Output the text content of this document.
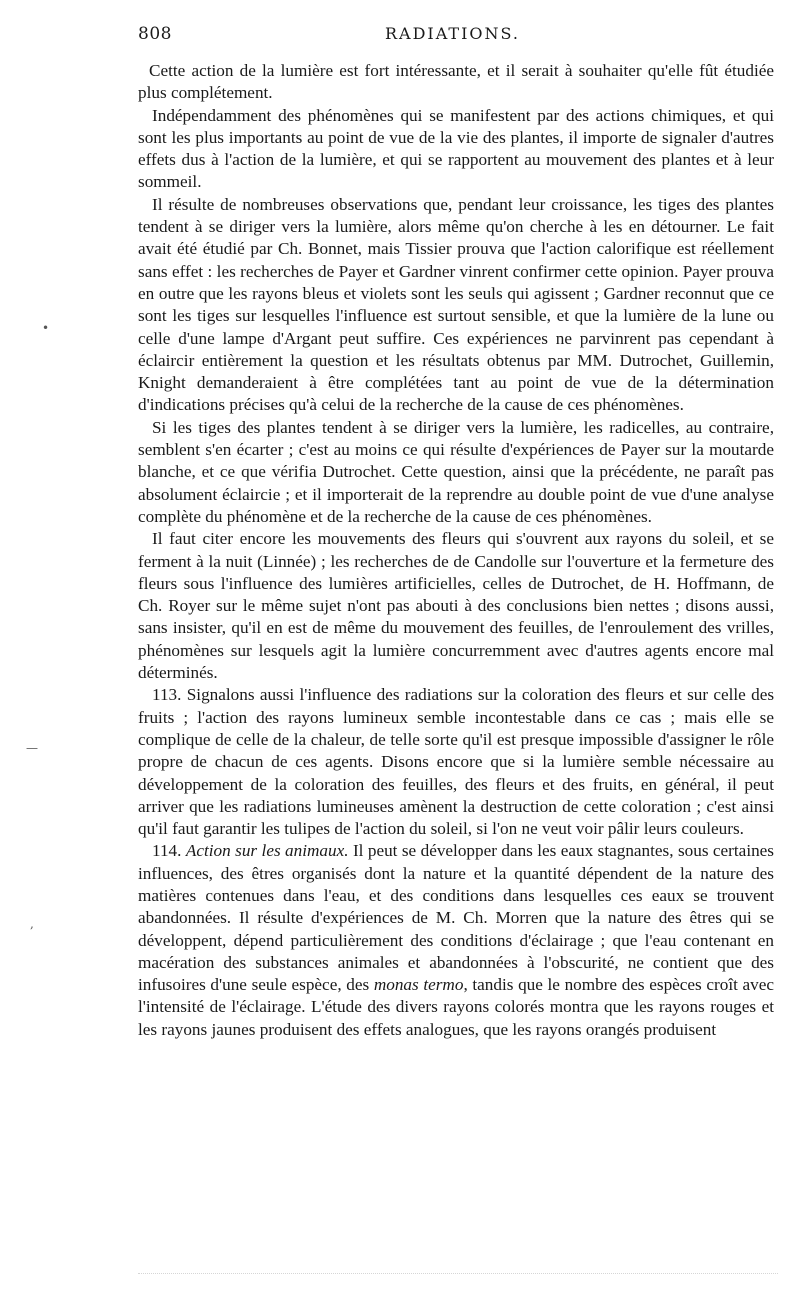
808	RADIATIONS.

Cette action de la lumière est fort intéressante, et il serait à souhaiter qu'elle fût étudiée plus complétement.

Indépendamment des phénomènes qui se manifestent par des actions chimiques, et qui sont les plus importants au point de vue de la vie des plantes, il importe de signaler d'autres effets dus à l'action de la lumière, et qui se rapportent au mouvement des plantes et à leur sommeil.

Il résulte de nombreuses observations que, pendant leur croissance, les tiges des plantes tendent à se diriger vers la lumière, alors même qu'on cherche à les en détourner. Le fait avait été étudié par Ch. Bonnet, mais Tissier prouva que l'action calorifique est réellement sans effet : les recherches de Payer et Gardner vinrent confirmer cette opinion. Payer prouva en outre que les rayons bleus et violets sont les seuls qui agissent ; Gardner reconnut que ce sont les tiges sur lesquelles l'influence est surtout sensible, et que la lumière de la lune ou celle d'une lampe d'Argant peut suffire. Ces expériences ne parvinrent pas cependant à éclaircir entièrement la question et les résultats obtenus par MM. Dutrochet, Guillemin, Knight demanderaient à être complétées tant au point de vue de la détermination d'indications précises qu'à celui de la recherche de la cause de ces phénomènes.

Si les tiges des plantes tendent à se diriger vers la lumière, les radicelles, au contraire, semblent s'en écarter ; c'est au moins ce qui résulte d'expériences de Payer sur la moutarde blanche, et ce que vérifia Dutrochet. Cette question, ainsi que la précédente, ne paraît pas absolument éclaircie ; et il importerait de la reprendre au double point de vue d'une analyse complète du phénomène et de la recherche de la cause de ces phénomènes.

Il faut citer encore les mouvements des fleurs qui s'ouvrent aux rayons du soleil, et se ferment à la nuit (Linnée) ; les recherches de de Candolle sur l'ouverture et la fermeture des fleurs sous l'influence des lumières artificielles, celles de Dutrochet, de H. Hoffmann, de Ch. Royer sur le même sujet n'ont pas abouti à des conclusions bien nettes ; disons aussi, sans insister, qu'il en est de même du mouvement des feuilles, de l'enroulement des vrilles, phénomènes sur lesquels agit la lumière concurremment avec d'autres agents encore mal déterminés.

113. Signalons aussi l'influence des radiations sur la coloration des fleurs et sur celle des fruits ; l'action des rayons lumineux semble incontestable dans ce cas ; mais elle se complique de celle de la chaleur, de telle sorte qu'il est presque impossible d'assigner le rôle propre de chacun de ces agents. Disons encore que si la lumière semble nécessaire au développement de la coloration des feuilles, des fleurs et des fruits, en général, il peut arriver que les radiations lumineuses amènent la destruction de cette coloration ; c'est ainsi qu'il faut garantir les tulipes de l'action du soleil, si l'on ne veut voir pâlir leurs couleurs.

114. Action sur les animaux. Il peut se développer dans les eaux stagnantes, sous certaines influences, des êtres organisés dont la nature et la quantité dépendent de la nature des matières contenues dans l'eau, et des conditions dans lesquelles ces eaux se trouvent abandonnées. Il résulte d'expériences de M. Ch. Morren que la nature des êtres qui se développent, dépend particulièrement des conditions d'éclairage ; que l'eau contenant en macération des substances animales et abandonnées à l'obscurité, ne contient que des infusoires d'une seule espèce, des monas termo, tandis que le nombre des espèces croît avec l'intensité de l'éclairage. L'étude des divers rayons colorés montra que les rayons rouges et les rayons jaunes produisent des effets analogues, que les rayons orangés produisent

•
—
,
